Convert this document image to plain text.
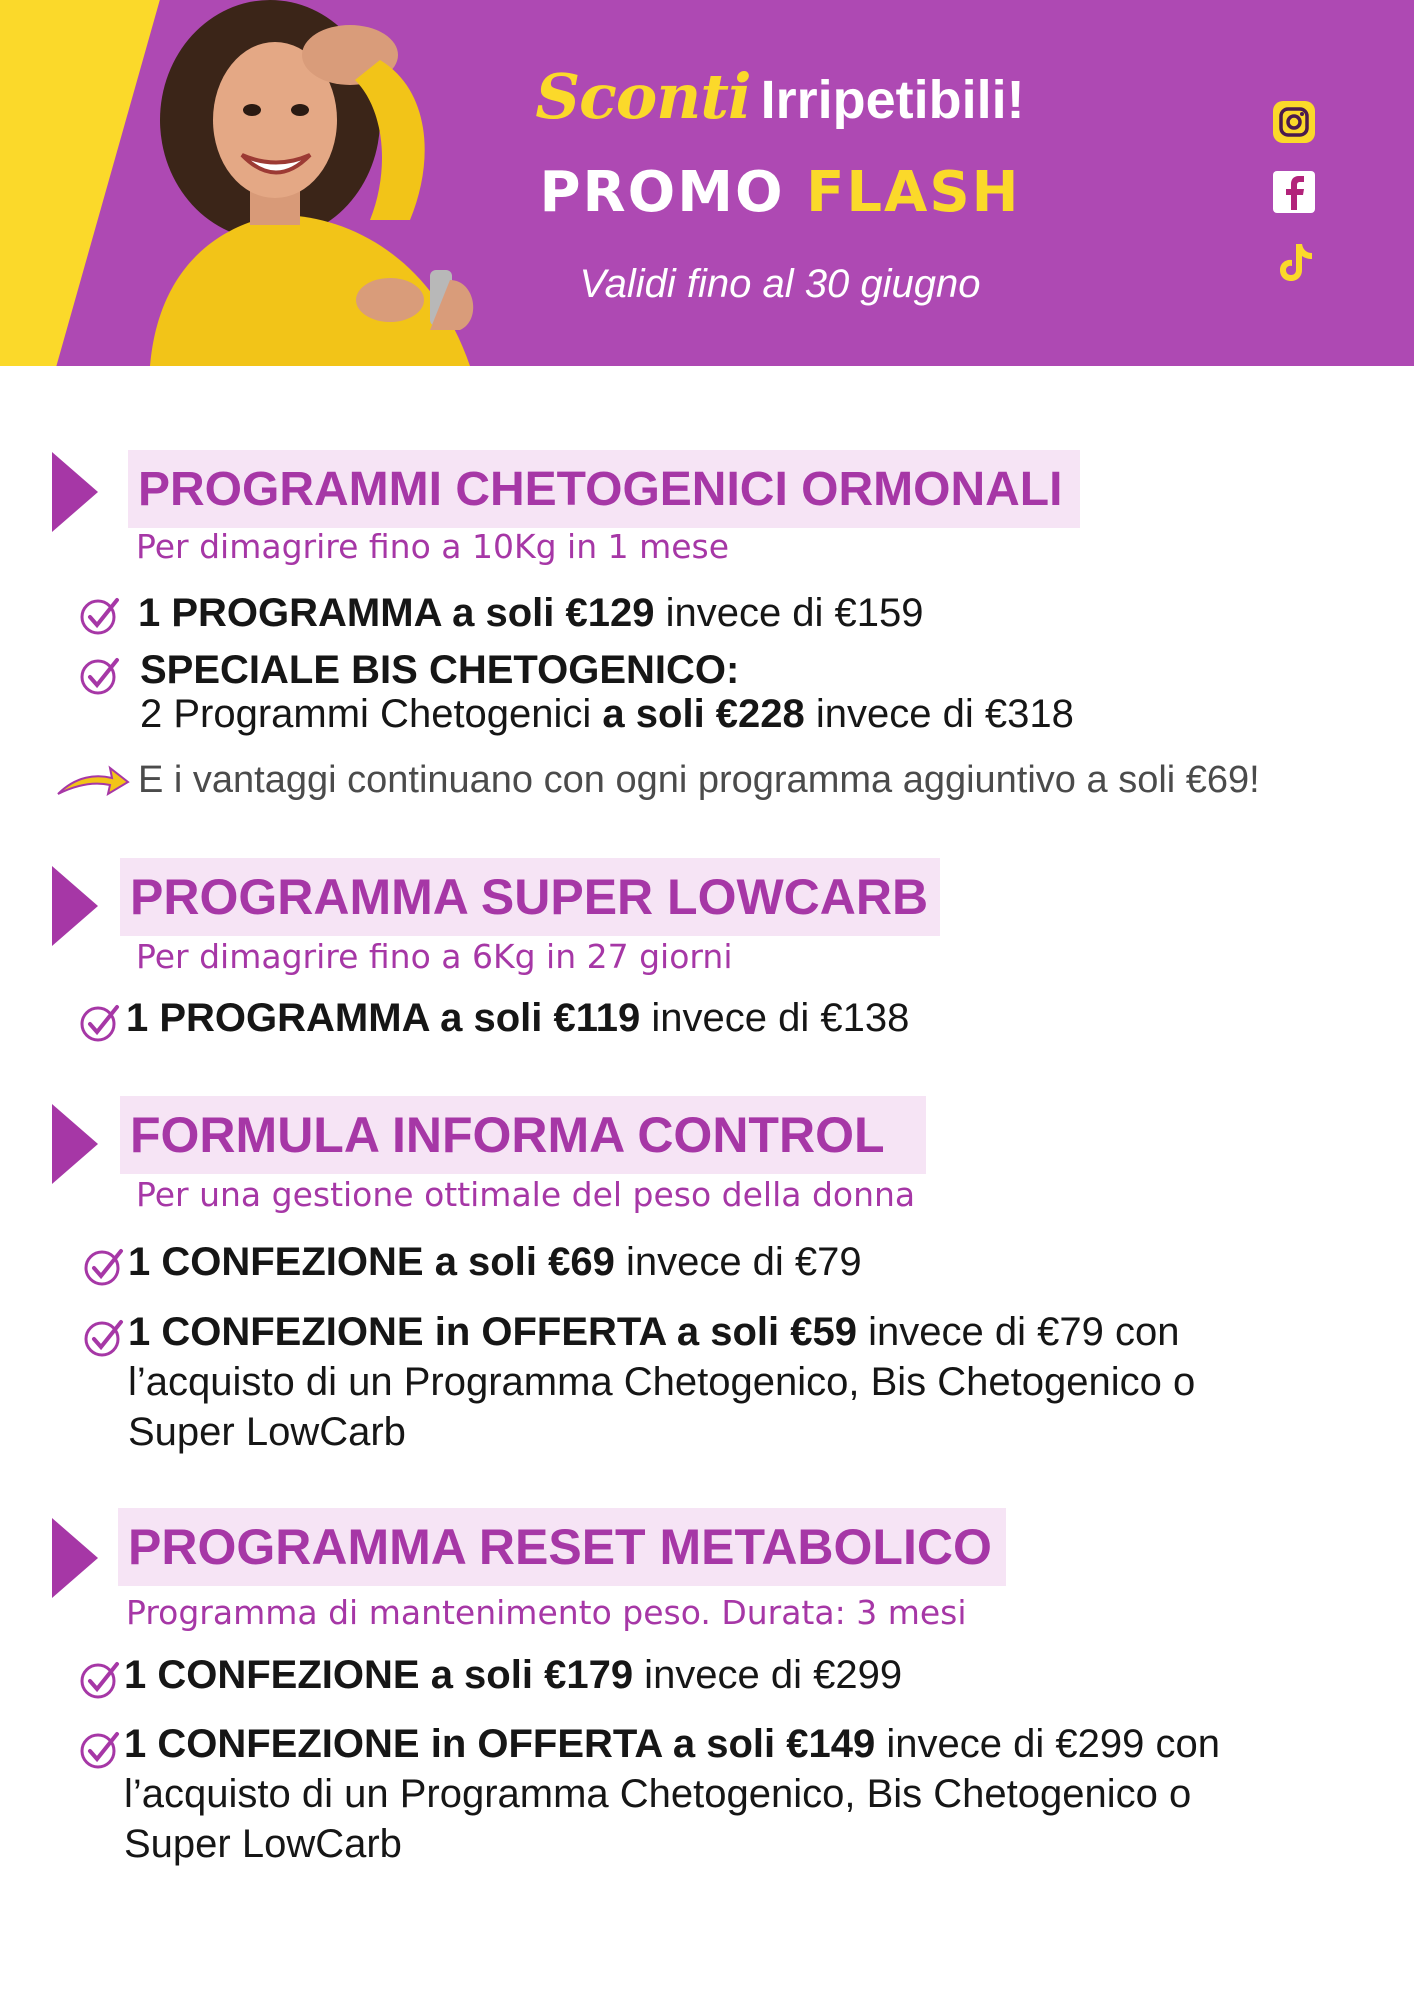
Sconti Irripetibili!
PROMO FLASH
Validi fino al 30 giugno
PROGRAMMI CHETOGENICI ORMONALI
Per dimagrire fino a 10Kg in 1 mese
1 PROGRAMMA a soli €129 invece di €159
SPECIALE BIS CHETOGENICO:
2 Programmi Chetogenici a soli €228 invece di €318
E i vantaggi continuano con ogni programma aggiuntivo a soli €69!
PROGRAMMA SUPER LOWCARB
Per dimagrire fino a 6Kg in 27 giorni
1 PROGRAMMA a soli €119 invece di €138
FORMULA INFORMA CONTROL
Per una gestione ottimale del peso della donna
1 CONFEZIONE a soli €69 invece di €79
1 CONFEZIONE in OFFERTA a soli €59 invece di €79 con
l’acquisto di un Programma Chetogenico, Bis Chetogenico o
Super LowCarb
PROGRAMMA RESET METABOLICO
Programma di mantenimento peso. Durata: 3 mesi
1 CONFEZIONE a soli €179 invece di €299
1 CONFEZIONE in OFFERTA a soli €149 invece di €299 con
l’acquisto di un Programma Chetogenico, Bis Chetogenico o
Super LowCarb
